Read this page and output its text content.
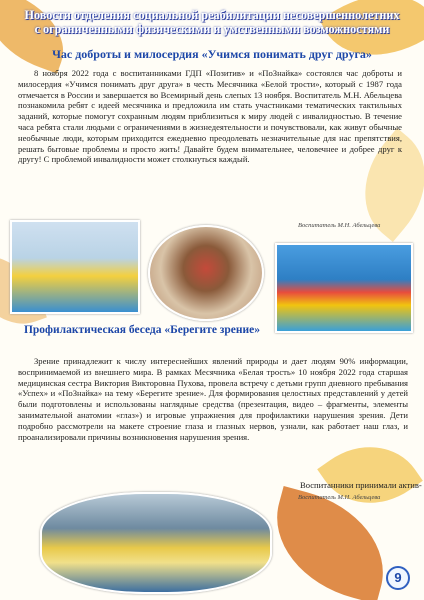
Новости отделения социальной реабилитации несовершеннолетних
с ограниченными физическими и умственными возможностями
Час доброты и милосердия «Учимся понимать друг друга»
8 ноября 2022 года с воспитанниками ГДП «Позитив» и «ПоЗнайка» состоялся час доброты и милосердия «Учимся понимать друг друга» в честь Месячника «Белой трости», который с 1987 года отмечается в России и завершается во Всемирный день слепых 13 ноября. Воспитатель М.Н. Абельцева познакомила ребят с идеей месячника и предложила им стать участниками тематических тактильных заданий, которые помогут сохранным людям приблизиться к миру людей с инвалидностью. В течение часа ребята стали людьми с ограничениями в жизнедеятельности и почувствовали, как живут обычные необычные люди, которым приходится ежедневно преодолевать незначительные для нас препятствия, решать бытовые проблемы и просто жить! Давайте будем внимательнее, человечнее и добрее друг к другу! С проблемой инвалидности может столкнуться каждый.
Воспитатель М.Н. Абельцева
Профилактическая беседа «Берегите зрение»
Зрение принадлежит к числу интереснейших явлений природы и дает людям 90% информации, воспринимаемой из внешнего мира. В рамках Месячника «Белая трость» 10 ноября 2022 года старшая медицинская сестра Виктория Викторовна Пухова, провела встречу с детьми групп дневного пребывания «Успех» и «ПоЗнайка» на тему «Берегите зрение». Для формирования целостных представлений у детей были подготовлены и использованы наглядные средства (презентация, видео – фрагменты, элементы занимательной анатомии «глаз») и игровые упражнения для профилактики нарушения зрения. Дети подробно рассмотрели на макете строение глаза и глазных нервов, узнали, как работает наш глаз, и проанализировали причины возникновения нарушения зрения.
Воспитанники принимали актив-
Воспитатель М.Н. Абельцева
9
